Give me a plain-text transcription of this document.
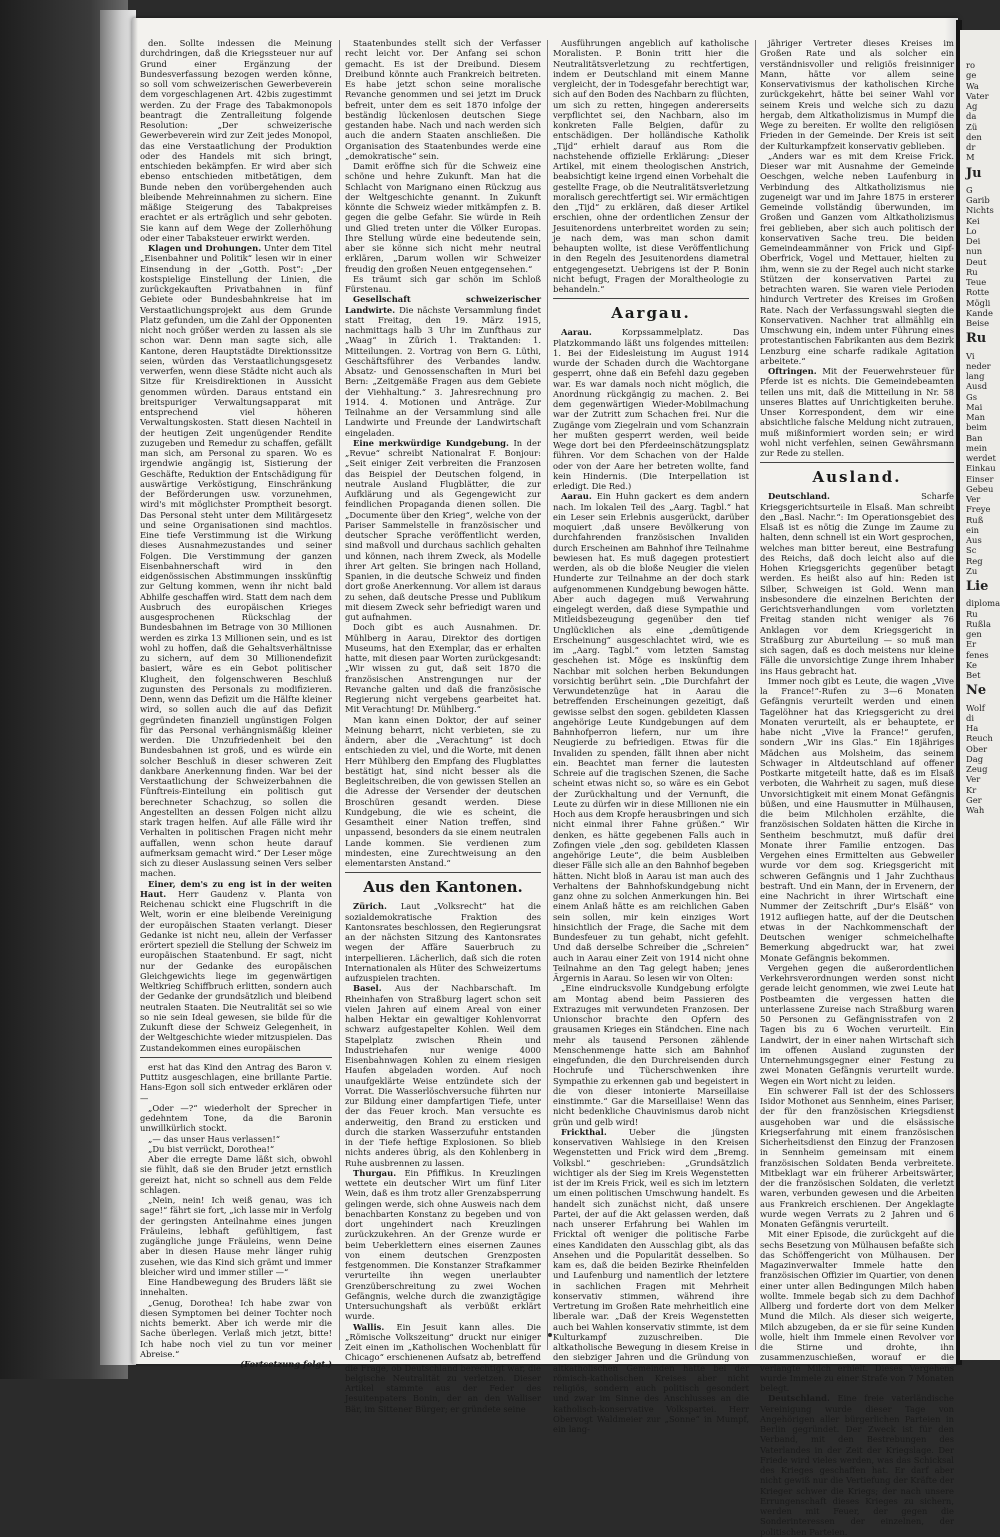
den. Sollte indessen die Meinung durchdringen, daß die Kriegssteuer nur auf Grund einer Ergänzung der Bundesverfassung bezogen werden könne, so soll vom schweizerischen Gewerbeverein dem vorgeschlagenen Art. 42bis zugestimmt werden. Zu der Frage des Tabakmonopols beantragt die Zentralleitung folgende Resolution: „Der schweizerische Gewerbeverein wird zur Zeit jedes Monopol, das eine Verstaatlichung der Produktion oder des Handels mit sich bringt, entschieden bekämpfen. Er wird aber sich ebenso entschieden mitbetätigen, dem Bunde neben den vorübergehenden auch bleibende Mehreinnahmen zu sichern. Eine mäßige Steigerung des Tabakpreises erachtet er als erträglich und sehr geboten. Sie kann auf dem Wege der Zollerhöhung oder einer Tabaksteuer erwirkt werden.

Klagen und Drohungen. Unter dem Titel „Eisenbahner und Politik“ lesen wir in einer Einsendung in der „Gotth. Post“: „Der kostspielige Einstellung der Linien, die zurückgekauften Privatbahnen in fünf Gebiete oder Bundesbahnkreise hat im Verstaatlichungsprojekt aus dem Grunde Platz gefunden, um die Zahl der Opponenten nicht noch größer werden zu lassen als sie schon war. Denn man sagte sich, alle Kantone, deren Hauptstädte Direktionssitze seien, würden das Verstaatlichungsgesetz verwerfen, wenn diese Städte nicht auch als Sitze für Kreisdirektionen in Aussicht genommen würden. Daraus entstand ein breitspuriger Verwaltungsapparat mit entsprechend viel höheren Verwaltungskosten. Statt diesen Nachteil in der heutigen Zeit ungenügender Rendite zuzugeben und Remedur zu schaffen, gefällt man sich, am Personal zu sparen. Wo es irgendwie angängig ist, Sistierung der Geschäfte, Reduktion der Entschädigung für auswärtige Verköstigung, Einschränkung der Beförderungen usw. vorzunehmen, wird's mit möglichster Promptheit besorgt. Das Personal steht unter dem Militärgesetz und seine Organisationen sind machtlos. Eine tiefe Verstimmung ist die Wirkung dieses Ausnahmezustandes und seiner Folgen. Die Verstimmung der ganzen Eisenbahnerschaft wird in den eidgenössischen Abstimmungen insskünftig zur Geltung kommen, wenn ihr nicht bald Abhilfe geschaffen wird. Statt dem nach dem Ausbruch des europäischen Krieges ausgesprochenen Rückschlag der Bundesbahnen im Betrage von 30 Millionen werden es zirka 13 Millionen sein, und es ist wohl zu hoffen, daß die Gehaltsverhältnisse zu sichern, auf dem 30 Millionendefizit basiert, wäre es ein Gebot politischer Klugheit, den folgenschweren Beschluß zugunsten des Personals zu modifizieren. Denn, wenn das Defizit um die Hälfte kleiner wird, so sollen auch die auf das Defizit gegründeten finanziell ungünstigen Folgen für das Personal verhängnismäßig kleiner werden. Die Unzufriedenheit bei den Bundesbahnen ist groß, und es würde ein solcher Beschluß in dieser schweren Zeit dankbare Anerkennung finden. War bei der Verstaatlichung der Schweizerbahnen die Fünftreis-Einteilung ein politisch gut berechneter Schachzug, so sollen die Angestellten an dessen Folgen nicht allzu stark tragen helfen. Auf alle Fälle wird ihr Verhalten in politischen Fragen nicht mehr auffallen, wenn schon heute darauf aufmerksam gemacht wird.“ Der Leser möge sich zu dieser Auslassung seinen Vers selber machen.

Einer, dem's zu eng ist in der weiten Haut. Herr Gaudenz v. Planta von Reichenau schickt eine Flugschrift in die Welt, worin er eine bleibende Vereinigung der europäischen Staaten verlangt. Dieser Gedanke ist nicht neu, allein der Verfasser erörtert speziell die Stellung der Schweiz im europäischen Staatenbund. Er sagt, nicht nur der Gedanke des europäischen Gleichgewichts liege im gegenwärtigen Weltkrieg Schiffbruch erlitten, sondern auch der Gedanke der grundsätzlich und bleibend neutralen Staaten. Die Neutralität sei so wie so nie sein Ideal gewesen, sie bilde für die Zukunft diese der Schweiz Gelegenheit, in der Weltgeschichte wieder mitzuspielen. Das Zustandekommen eines europäischen

erst hat das Kind den Antrag des Baron v. Puttitz ausgeschlagen, eine brillante Partie. Hans-Egon soll sich entweder erklären oder —

„Oder —?“ wiederholt der Sprecher in gedehntem Tone, da die Baronin unwillkürlich stockt.

„— das unser Haus verlassen!“

„Du bist verrückt, Dorothea!“

Aber die erregte Dame läßt sich, obwohl sie fühlt, daß sie den Bruder jetzt ernstlich gereizt hat, nicht so schnell aus dem Felde schlagen.

„Nein, nein! Ich weiß genau, was ich sage!“ fährt sie fort, „ich lasse mir in Verfolg der geringsten Anteilnahme eines jungen Fräuleins, lebhaft gefühltigem, fast zugängliche junge Fräuleins, wenn Deine aber in diesen Hause mehr länger ruhig zusehen, wie das Kind sich grämt und immer bleicher wird und immer stiller —“

Eine Handbewegung des Bruders läßt sie innehalten.

„Genug, Dorothea! Ich habe zwar von diesen Symptomen bei deiner Tochter noch nichts bemerkt. Aber ich werde mir die Sache überlegen. Verlaß mich jetzt, bitte! Ich habe noch viel zu tun vor meiner Abreise.“

(Fortsetzung folgt.)

Staatenbundes stellt sich der Verfasser recht leicht vor. Der Anfang sei schon gemacht. Es ist der Dreibund. Diesem Dreibund könnte auch Frankreich beitreten. Es habe jetzt schon seine moralische Revanche genommen und sei jetzt im Druck befreit, unter dem es seit 1870 infolge der beständig lückenlosen deutschen Siege gestanden habe. Nach und nach werden sich auch die andern Staaten anschließen. Die Organisation des Staatenbundes werde eine „demokratische“ sein.

Damit eröffne sich für die Schweiz eine schöne und hehre Zukunft. Man hat die Schlacht von Marignano einen Rückzug aus der Weltgeschichte genannt. In Zukunft könnte die Schweiz wieder mitkämpfen z. B. gegen die gelbe Gefahr. Sie würde in Reih und Glied treten unter die Völker Europas. Ihre Stellung würde eine bedeutende sein, aber sie könne sich nicht mehr neutral erklären, „Darum wollen wir Schweizer freudig den großen Neuen entgegensehen.“

Es träumt sich gar schön im Schloß Fürstenau.

Gesellschaft schweizerischer Landwirte. Die nächste Versammlung findet statt Freitag, den 19. März 1915, nachmittags halb 3 Uhr im Zunfthaus zur „Waag“ in Zürich 1. Traktanden: 1. Mitteilungen. 2. Vortrag von Bern G. Lüthi, Geschäftsführer des Verbandes landw. Absatz- und Genossenschaften in Muri bei Bern: „Zeitgemäße Fragen aus dem Gebiete der Viehhaltung.“ 3. Jahresrechnung pro 1914. 4. Motionen und Anträge. Zur Teilnahme an der Versammlung sind alle Landwirte und Freunde der Landwirtschaft eingeladen.

Eine merkwürdige Kundgebung. In der „Revue“ schreibt Nationalrat F. Bonjour: „Seit einiger Zeit verbreiten die Franzosen das Beispiel der Deutschen folgend, in neutrale Ausland Flugblätter, die zur Aufklärung und als Gegengewicht zur feindlichen Propaganda dienen sollen. Die „Documente über den Krieg“, welche von der Pariser Sammelstelle in französischer und deutscher Sprache veröffentlicht werden, sind maßvoll und durchaus sachlich gehalten und können, nach ihrem Zweck, als Modelle ihrer Art gelten. Sie bringen nach Holland, Spanien, in die deutsche Schweiz und finden dort große Anerkennung. Vor allem ist daraus zu sehen, daß deutsche Presse und Publikum mit diesem Zweck sehr befriedigt waren und gut aufnahmen.

Doch gibt es auch Ausnahmen. Dr. Mühlberg in Aarau, Direktor des dortigen Museums, hat den Exemplar, das er erhalten hatte, mit diesen paar Worten zurückgesandt: „Wir wissen zu gut, daß seit 1870 die französischen Anstrengungen nur der Revanche galten und daß die französische Regierung nicht vergebens gearbeitet hat. Mit Verachtung! Dr. Mühlberg.“

Man kann einen Doktor, der auf seiner Meinung beharrt, nicht verbieten, sie zu ändern, aber die „Verachtung“ ist doch entschieden zu viel, und die Worte, mit denen Herr Mühlberg den Empfang des Flugblattes bestätigt hat, sind nicht besser als die Begleitschreiben, die von gewissen Stellen an die Adresse der Versender der deutschen Broschüren gesandt werden. Diese Kundgebung, die wie es scheint, die Gesamtheit einer Nation treffen, sind unpassend, besonders da sie einem neutralen Lande kommen. Sie verdienen zum mindesten, eine Zurechtweisung an den elementarsten Anstand.“

Aus den Kantonen.

Zürich. Laut „Volksrecht“ hat die sozialdemokratische Fraktion des Kantonsrates beschlossen, den Regierungsrat an der nächsten Sitzung des Kantonsrates wegen der Affäre Sauerbruch zu interpellieren. Lächerlich, daß sich die roten Internationalen als Hüter des Schweizertums aufzuspielen trachten.

Basel. Aus der Nachbarschaft. Im Rheinhafen von Straßburg lagert schon seit vielen Jahren auf einem Areal von einer halben Hektar ein gewaltiger Kohlenvorrat schwarz aufgestapelter Kohlen. Weil dem Stapelplatz zwischen Rhein und Industriehafen nur wenige 4000 Eisenbahnwagen Kohlen zu einem riesigen Haufen abgeladen worden. Auf noch unaufgeklärte Weise entzündete sich der Vorrat. Die Wasserlöschversuche führten nur zur Bildung einer dampfartigen Tiefe, unter der das Feuer kroch. Man versuchte es anderweitig, den Brand zu ersticken und durch die starken Wasserzufuhr entstanden in der Tiefe heftige Explosionen. So blieb nichts anderes übrig, als den Kohlenberg in Ruhe ausbrennen zu lassen.

Thurgau. Ein Pfiffikus. In Kreuzlingen wettete ein deutscher Wirt um fünf Liter Wein, daß es ihm trotz aller Grenzabsperrung gelingen werde, sich ohne Ausweis nach dem benachbarten Konstanz zu begeben und von dort ungehindert nach Kreuzlingen zurückzukehren. An der Grenze wurde er beim Ueberklettern eines eisernen Zaunes von einem deutschen Grenzposten festgenommen. Die Konstanzer Strafkammer verurteilte ihn wegen unerlaubter Grenzüberschreitung zu zwei Wochen Gefängnis, welche durch die zwanzigtägige Untersuchungshaft als verbüßt erklärt wurde.

Wallis. Ein Jesuit kann alles. Die „Römische Volkszeitung“ druckt nur einiger Zeit einen im „Katholischen Wochenblatt für Chicago“ erschienenen Aufsatz ab, betreffend die Frage, ob Deutschland berechtigt war, die belgische Neutralität zu verletzen. Dieser Artikel stammte aus der Feder des Jesuitenpaters Bonin, der an den Walliser Bär, im Sittener Bürger; er gründete seine

Ausführungen angeblich auf katholische Moralisten. P. Bonin tritt hier die Neutralitätsverletzung zu rechtfertigen, indem er Deutschland mit einem Manne vergleicht, der in Todesgefahr berechtigt war, sich auf den Boden des Nachbarn zu flüchten, um sich zu retten, hingegen andererseits verpflichtet sei, den Nachbarn, also im konkreten Falle Belgien, dafür zu entschädigen. Der holländische Katholik „Tijd“ erhielt darauf aus Rom die nachstehende offizielle Erklärung: „Dieser Artikel, mit einem theologischen Anstrich, beabsichtigt keine irgend einen Vorbehalt die gestellte Frage, ob die Neutralitätsverletzung moralisch gerechtfertigt sei. Wir ermächtigen den „Tijd“ zu erklären, daß dieser Artikel erschien, ohne der ordentlichen Zensur der Jesuitenordens unterbreitet worden zu sein; je nach dem, was man schon damit behaupten wollte, ist diese Veröffentlichung in den Regeln des Jesuitenordens diametral entgegengesetzt. Uebrigens ist der P. Bonin nicht befugt, Fragen der Moraltheologie zu behandeln.“

Aargau.

Aarau.	Korpssammelplatz. Das Platzkommando läßt uns folgendes mitteilen: 1. Bei der Eidesleistung im August 1914 wurde der Schaden durch die Wachtorgane gesperrt, ohne daß ein Befehl dazu gegeben war. Es war damals noch nicht möglich, die Anordnung rückgängig zu machen. 2. Bei dem gegenwärtigen Wieder-Mobilmachung war der Zutritt zum Schachen frei. Nur die Zugänge vom Ziegelrain und vom Schanzrain her mußten gesperrt werden, weil beide Wege dort bei den Pferdeeinschätzungsplatz führen. Vor dem Schachen von der Halde oder von der Aare her betreten wollte, fand kein Hindernis. (Die Interpellation ist erledigt. Die Red.)

Aarau. Ein Huhn gackert es dem andern nach. Im lokalen Teil des „Aarg. Tagbl.“ hat ein Leser sein Erlebnis ausgerückt, darüber moquiert ,daß unsere Bevölkerung von durchfahrenden französischen Invaliden durch Erscheinen am Bahnhof ihre Teilnahme bewiesen hat. Es muß dagegen protestiert werden, als ob die bloße Neugier die vielen Hunderte zur Teilnahme an der doch stark aufgenommenen Kundgebung bewogen hätte. Aber auch dagegen muß Verwahrung eingelegt werden, daß diese Sympathie und Mitleidsbezeugung gegenüber den tief Unglücklichen als eine „demütigende Erscheinung“ ausgeschlachtet wird, wie es im „Aarg. Tagbl.“ vom letzten Samstag geschehen ist. Möge es inskünftig dem Nachbar mit solchen herben Bekundungen vorsichtig berührt sein. „Die Durchfahrt der Verwundetenzüge hat in Aarau die betreffenden Erscheinungen gezeitigt, daß gewisse selbst den sogen. gebildeten Klassen angehörige Leute Kundgebungen auf dem Bahnhofperron liefern, nur um ihre Neugierde zu befriedigen. Etwas für die Invaliden zu spenden, fällt ihnen aber nicht ein. Beachtet man ferner die lautesten Schreie auf die tragischen Szenen, die Sache scheint etwas nicht so, so wäre es ein Gebot der Zurückhaltung und der Vernunft, die Leute zu dürfen wir in diese Millionen nie ein Hoch aus dem Kropfe herausbringen und sich nicht einmal ihrer Fahne grüßen.“ Wir denken, es hätte gegebenen Falls auch in Zofingen viele „den sog. gebildeten Klassen angehörige Leute“, die beim Ausbleiben dieser Fälle sich alle an den Bahnhof begeben hätten. Nicht bloß in Aarau ist man auch des Verhaltens der Bahnhofskundgebung nicht ganz ohne zu solchen Anmerkungen hin. Bei einem Anlaß hätte es am reichlichen Gaben sein sollen, mir kein einziges Wort hinsichtlich der Frage, die Sache mit dem Bundesfeuer zu tun gehabt, nicht gefehlt. Und daß derselbe Schreiber die „Schreien“ auch in Aarau einer Zeit von 1914 nicht ohne Teilnahme an den Tag gelegt haben; jenes Ärgernis in Aarau. So lesen wir von Olten:

„Eine eindrucksvolle Kundgebung erfolgte am Montag abend beim Passieren des Extrazuges mit verwundeten Franzosen. Der Unionschor brachte den Opfern des grausamen Krieges ein Ständchen. Eine nach mehr als tausend Personen zählende Menschenmenge hatte sich am Bahnhof eingefunden, die den Durchreisenden durch Hochrufe und Tücherschwenken ihre Sympathie zu erkennen gab und begeistert in die von dieser intonierte Marseillaise einstimmte.“ Gar die Marseillaise! Wenn das nicht bedenkliche Chauvinismus darob nicht grün und gelb wird!

Frickthal.	Ueber die jüngsten konservativen Wahlsiege in den Kreisen Wegenstetten und Frick wird dem „Bremg. Volksbl.“ geschrieben: „Grundsätzlich wichtiger als der Sieg im Kreis Wegenstetten ist der im Kreis Frick, weil es sich im letztern um einen politischen Umschwung handelt. Es handelt sich zunächst nicht, daß unsere Partei, der auf die Akt gelassen werden, daß nach unserer Erfahrung bei Wahlen im Fricktal oft weniger die politische Farbe eines Kandidaten den Ausschlag gibt, als das Ansehen und die Popularität desselben. So kam es, daß die beiden Bezirke Rheinfelden und Laufenburg und namentlich der letztere in sachlichen Fragen mit Mehrheit konservativ stimmen, während ihre Vertretung im Großen Rate mehrheitlich eine liberale war. „Daß der Kreis Wegenstetten auch bei Wahlen konservativ stimmte, ist dem Kulturkampf zuzuschreiben. Die altkatholische Bewegung in diesem Kreise in den siebziger Jahren und die Gründung von altkatholischen Gemeinden hatte bei der römisch-katholischen Kreises aber nicht religiös, sondern auch politisch gesondert und zwar im Sinne des Anschlusses an die katholisch-konservative Volkspartei. Herr Obervogt Waldmeier zur „Sonne“ in Mumpf, ein lang-

jähriger Vertreter dieses Kreises im Großen Rate und als solcher ein verständnisvoller und religiös freisinniger Mann, hätte vor allem seine Konservativismus der katholischen Kirche zurückgekehrt, hätte bei seiner Wahl vor seinem Kreis und welche sich zu dazu hergab, dem Altkatholizismus in Mumpf die Wege zu bereiten. Er wollte den religiösen Frieden in der Gemeinde. Der Kreis ist seit der Kulturkampfzeit konservativ geblieben.

„Anders war es mit dem Kreise Frick. Dieser war mit Ausnahme der Gemeinde Oeschgen, welche neben Laufenburg in Verbindung des Altkatholizismus nie zugeneigt war und im Jahre 1875 in ersterer Gemeinde vollständig überwunden, im Großen und Ganzen vom Altkatholizismus frei geblieben, aber sich auch politisch der konservativen Sache treu. Die beiden Gemeindeammänner von Frick und Gipf-Oberfrick, Vogel und Mettauer, hielten zu ihm, wenn sie zu der Regel auch nicht starke Stützen der konservativen Partei zu betrachten waren. Sie waren viele Perioden hindurch Vertreter des Kreises im Großen Rate. Nach der Verfassungswahl siegten die Konservativen. Nachher trat allmählig ein Umschwung ein, indem unter Führung eines protestantischen Fabrikanten aus dem Bezirk Lenzburg eine scharfe radikale Agitation arbeitete.“

Oftringen. Mit der Feuerwehrsteuer für Pferde ist es nichts. Die Gemeindebeamten teilen uns mit, daß die Mitteilung in Nr. 58 unseres Blattes auf Unrichtigkeiten beruhe. Unser Korrespondent, dem wir eine absichtliche falsche Meldung nicht zutrauen, muß mißinformiert worden sein; er wird wohl nicht verfehlen, seinen Gewährsmann zur Rede zu stellen.

Ausland.

Deutschland.	Scharfe Kriegsgerichtsurteile in Elsaß. Man schreibt den „Basl. Nachr.“: Im Operationsgebiet des Elsaß ist es nötig die Zunge im Zaume zu halten, denn schnell ist ein Wort gesprochen, welches man bitter bereut, eine Bestrafung des Reichs, daß doch leicht also auf die Hohen Kriegsgerichts gegenüber betagt werden. Es heißt also auf hin: Reden ist Silber, Schweigen ist Gold. Wenn man insbesondere die einzelnen Berichten der Gerichtsverhandlungen vom vorletzten Freitag standen nicht weniger als 76 Anklagen vor dem Kriegsgericht in Straßburg zur Aburteilung — so muß man sich sagen, daß es doch meistens nur kleine Fälle die unvorsichtige Zunge ihrem Inhaber ins Haus gebracht hat.

Immer noch gibt es Leute, die wagen „Vive la France!“-Rufen zu 3—6 Monaten Gefängnis verurteilt werden und einen Tagelöhner hat das Kriegsgericht zu drei Monaten verurteilt, als er behauptete, er habe nicht „Vive la France!“ gerufen, sondern „Wir ins Glas.“ Ein 18jähriges Mädchen aus Molsheim, das seinem Schwager in Altdeutschland auf offener Postkarte mitgeteilt hatte, daß es im Elsaß verboten, die Wahrheit zu sagen, muß diese Unvorsichtigkeit mit einem Monat Gefängnis büßen, und eine Hausmutter in Mülhausen, die beim Milchholen erzählte, die französischen Soldaten hätten die Kirche in Sentheim beschmutzt, muß dafür drei Monate ihrer Familie entzogen. Das Vergehen eines Ermittelten aus Gebweiler wurde vor dem sog. Kriegsgericht mit schweren Gefängnis und 1 Jahr Zuchthaus bestraft. Und ein Mann, der in Ervenern, der eine Nachricht in ihrer Wirtschaft eine Nummer der Zeitschrift „Dur's Elsäß“ von 1912 aufliegen hatte, auf der die Deutschen etwas in der Nachkommenschaft der Deutschen weniger schmeichelhafte Bemerkung abgedruckt war, hat zwei Monate Gefängnis bekommen.

Vergehen gegen die außerordentlichen Verkehrsverordnungen werden sonst nicht gerade leicht genommen, wie zwei Leute hat Postbeamten die vergessen hatten die unterlassene Zureise nach Straßburg waren 50 Personen zu Gefängnisstrafen von 2 Tagen bis zu 6 Wochen verurteilt. Ein Landwirt, der in einer nahen Wirtschaft sich im offenen Ausland zugunsten der Unternehmungsgegner einer Festung zu zwei Monaten Gefängnis verurteilt wurde. Wegen ein Wort nicht zu leiden.

Ein schwerer Fall ist der des Schlossers Isidor Mothonet aus Sennheim, eines Pariser, der für den französischen Kriegsdienst ausgehoben war und die elsässische Kriegserfahrung mit einem französischen Sicherheitsdienst den Einzug der Franzosen in Sennheim gemeinsam mit einem französischen Soldaten Benda verbreitete. Mitbeklagt war ein früherer Arbeitswärter, der die französischen Soldaten, die verletzt waren, verbunden gewesen und die Arbeiten aus Frankreich erschienen. Der Angeklagte wurde wegen Verrats zu 2 Jahren und 6 Monaten Gefängnis verurteilt.

Mit einer Episode, die zurückgeht auf die sechs Besetzung von Mülhausen befaßte sich das Schöffengericht von Mülhausen. Der Magazinverwalter Immele hatte den französischen Offizier im Quartier, von denen einer unter allen Bedingungen Milch haben wollte. Immele begab sich zu dem Dachhof Allberg und forderte dort von dem Melker Mund die Milch. Als dieser sich weigerte, Milch abzugeben, da er sie für seine Kunden wolle, hielt ihm Immele einen Revolver vor die Stirne und drohte, ihn zusammenzuschießen, worauf er die verlangte Milch erhielt. Dieses Vergehens wurde Immele zu einer Strafe von 7 Monaten belegt.

Deutschland. Eine freie vaterländische Vereinigung wurde dieser Tage von Angehörigen aller bürgerlichen Parteien in Berlin gegründet. Der Zweck ist für den Verband, mit den Bestrebungen des Vaterlandes in der Zeit der Kriegslage. Der Friede wird vieles werden, was das Schicksal des Krieges geschaffen hat. Er darf aber nicht gewiß nur die Vertiefung der Kräfte der Krieger schwer die Kriegs; der nach unsere Errungenschaft dieses Krieges zu sichern, werden mit Feuer, der gegen die Sonderinteressen der einzelnen, der politischen Parteien.

ro

ge

Wa

Vater

Ag

da

Zü

den

dr

M

Ju

G

Garib

Nichts

Kei

Lo

Dei

nun

Deut

Ru

Teue

Rotte

Mögli

Kande

Beise

Ru

Vi

neder

lang

Ausd

Gs

Mai

Man

beim

Ban

mein

werdet

Einkau

Einser

Gebeu

Ver

Freye

Ruß

ein

Aus

Sc

Reg

Zu

Lie

diploma

Ru

Rußla

gen

Er

fenes

Ke

Bet

Ne

Wolf

di

Ha

Reuch

Ober

Dag

Zeug

Ver

Kr

Ger

Wah
